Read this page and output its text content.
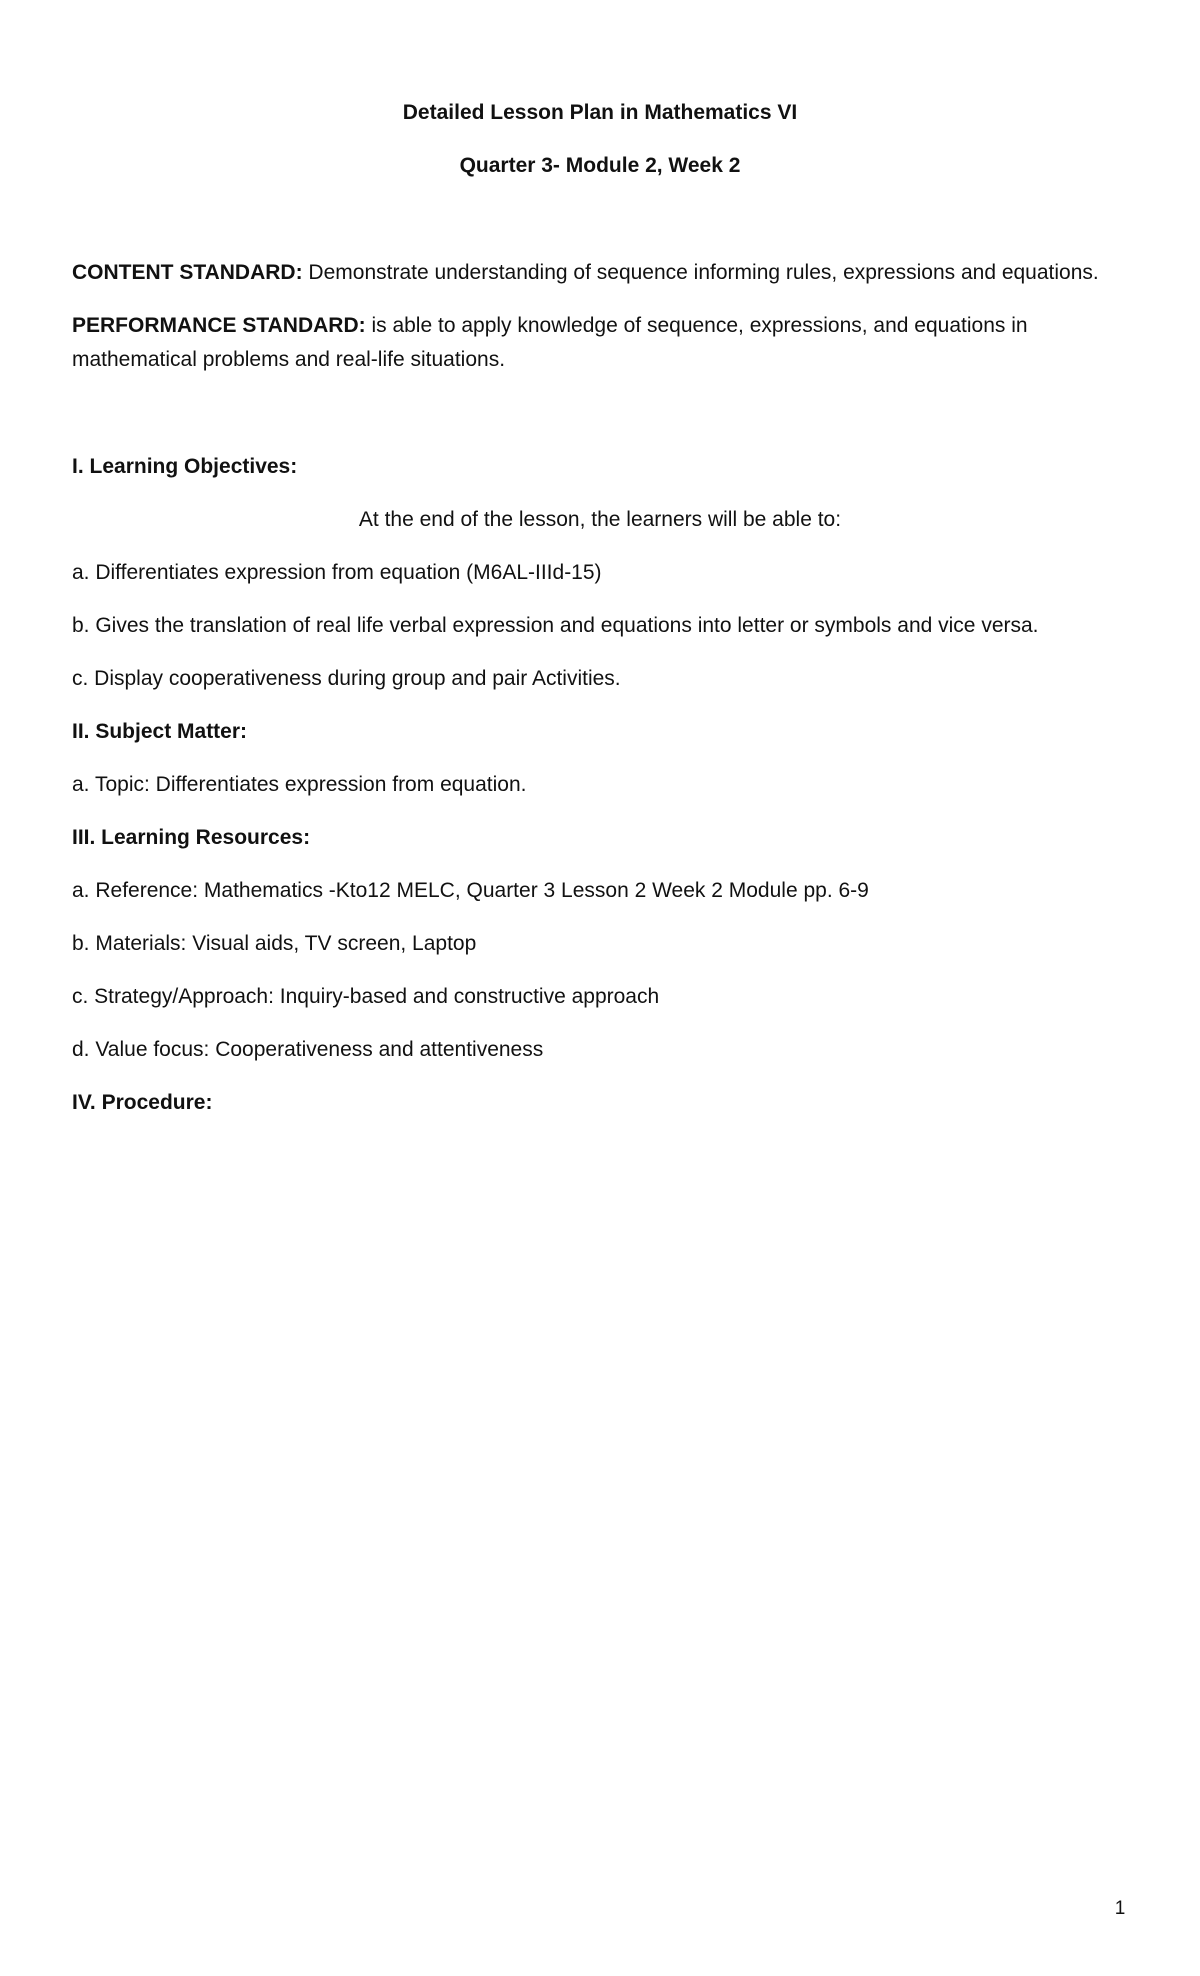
Detailed Lesson Plan in Mathematics VI
Quarter 3- Module 2, Week 2
CONTENT STANDARD: Demonstrate understanding of sequence informing rules, expressions and equations.
PERFORMANCE STANDARD: is able to apply knowledge of sequence, expressions, and equations in mathematical problems and real-life situations.
I. Learning Objectives:
At the end of the lesson, the learners will be able to:
a. Differentiates expression from equation (M6AL-IIId-15)
b. Gives the translation of real life verbal expression and equations into letter or symbols and vice versa.
c. Display cooperativeness during group and pair Activities.
II. Subject Matter:
a. Topic: Differentiates expression from equation.
III. Learning Resources:
a. Reference: Mathematics -Kto12 MELC, Quarter 3 Lesson 2 Week 2 Module pp. 6-9
b. Materials: Visual aids, TV screen, Laptop
c. Strategy/Approach: Inquiry-based and constructive approach
d. Value focus: Cooperativeness and attentiveness
IV. Procedure:
1
